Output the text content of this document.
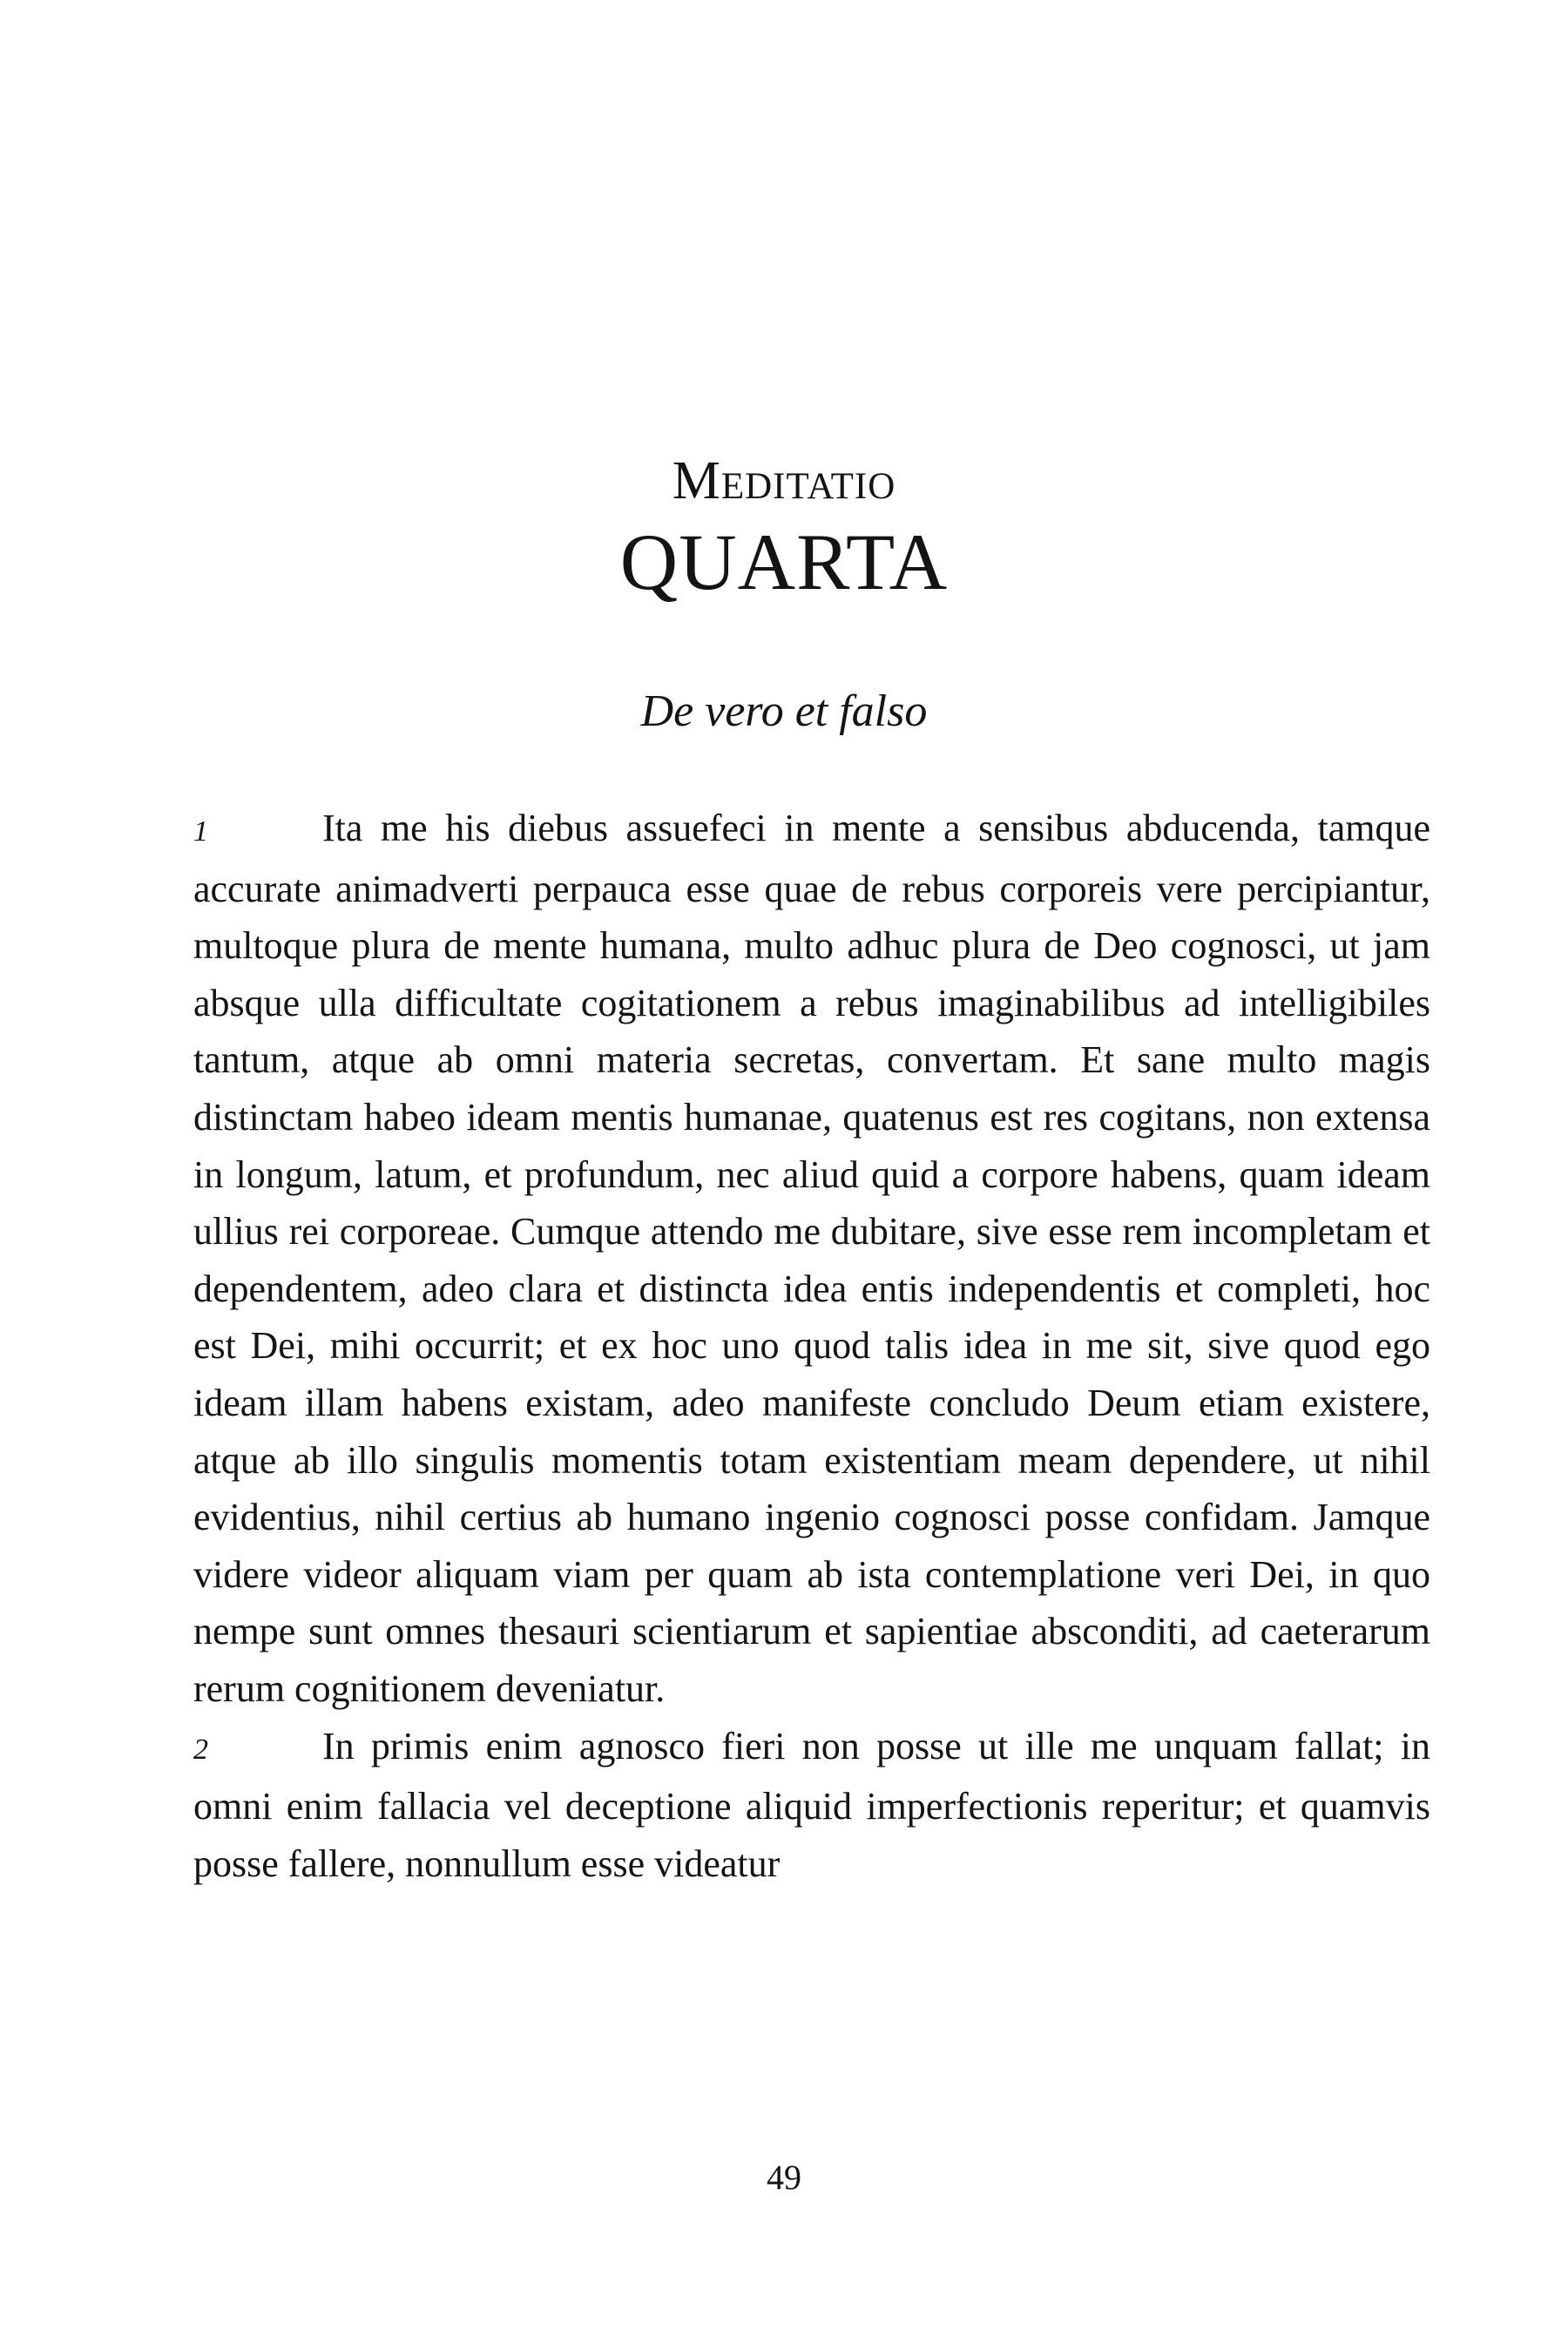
Meditatio
QUARTA
De vero et falso

1	Ita me his diebus assuefeci in mente a sensibus abducenda, tamque accurate animadverti perpauca esse quae de rebus corporeis vere percipiantur, multoque plura de mente humana, multo adhuc plura de Deo cognosci, ut jam absque ulla difficultate cogitationem a rebus imaginabilibus ad intelligibiles tantum, atque ab omni materia secretas, convertam. Et sane multo magis distinctam habeo ideam mentis humanae, quatenus est res cogitans, non extensa in longum, latum, et profundum, nec aliud quid a corpore habens, quam ideam ullius rei corporeae. Cumque attendo me dubitare, sive esse rem incompletam et dependentem, adeo clara et distincta idea entis independentis et completi, hoc est Dei, mihi occurrit; et ex hoc uno quod talis idea in me sit, sive quod ego ideam illam habens existam, adeo manifeste concludo Deum etiam existere, atque ab illo singulis momentis totam existentiam meam dependere, ut nihil evidentius, nihil certius ab humano ingenio cognosci posse confidam. Jamque videre videor aliquam viam per quam ab ista contemplatione veri Dei, in quo nempe sunt omnes thesauri scientiarum et sapientiae absconditi, ad caeterarum rerum cognitionem deveniatur.

2	In primis enim agnosco fieri non posse ut ille me unquam fallat; in omni enim fallacia vel deceptione aliquid imperfectionis reperitur; et quamvis posse fallere, nonnullum esse videatur

49
